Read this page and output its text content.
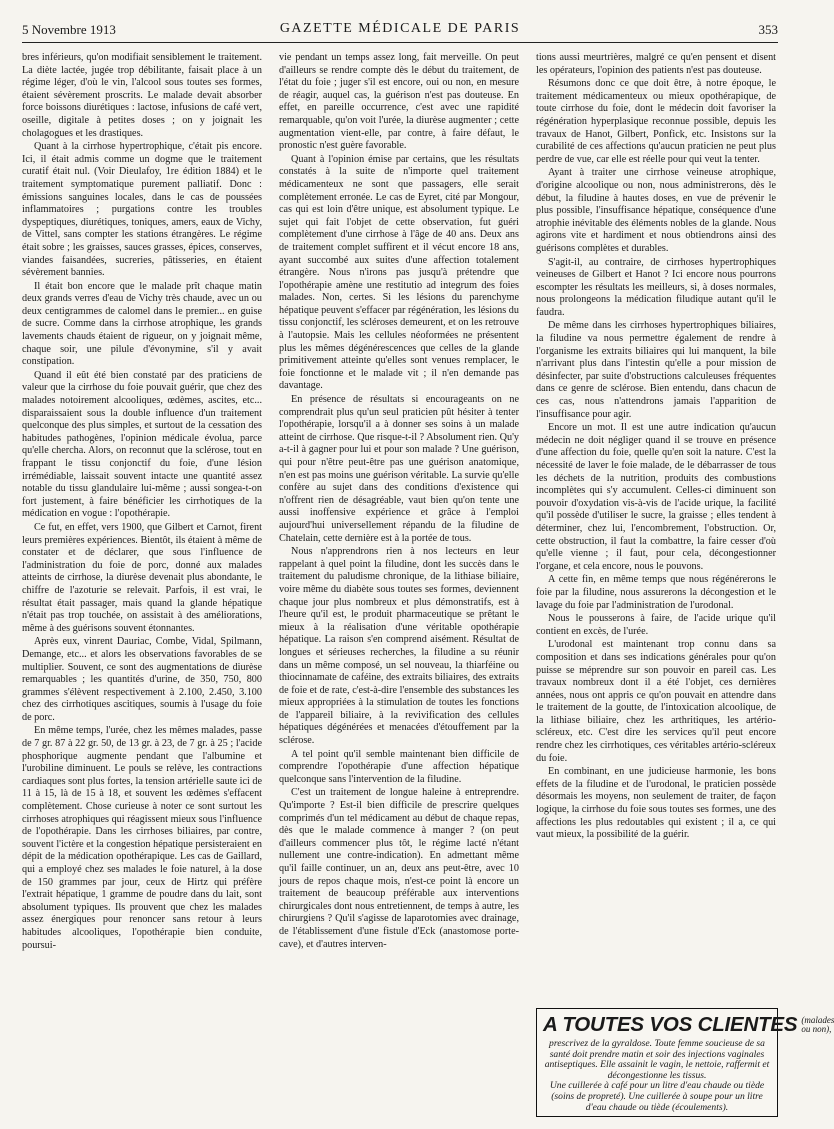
5 Novembre 1913	GAZETTE MÉDICALE DE PARIS	353

bres inférieurs, qu'on modifiait sensiblement le traitement. La diète lactée, jugée trop débilitante, faisait place à un régime léger, d'où le vin, l'alcool sous toutes ses formes, étaient sévèrement proscrits. Le malade devait absorber force boissons diurétiques : lactose, infusions de café vert, oseille, digitale à petites doses ; on y joignait les cholagogues et les drastiques.

Quant à la cirrhose hypertrophique, c'était pis encore. Ici, il était admis comme un dogme que le traitement curatif était nul. (Voir Dieulafoy, 1re édition 1884) et le traitement symptomatique purement palliatif. Donc : émissions sanguines locales, dans le cas de poussées inflammatoires ; purgations contre les troubles dyspeptiques, diurétiques, toniques, amers, eaux de Vichy, de Vittel, sans compter les stations étrangères. Le régime était sobre ; les graisses, sauces grasses, épices, conserves, viandes faisandées, sucreries, pâtisseries, en étaient sévèrement bannies.

Il était bon encore que le malade prît chaque matin deux grands verres d'eau de Vichy très chaude, avec un ou deux centigrammes de calomel dans le premier... en guise de sucre. Comme dans la cirrhose atrophique, les grands lavements chauds étaient de rigueur, on y joignait même, chaque soir, une pilule d'évonymine, s'il y avait constipation.

Quand il eût été bien constaté par des praticiens de valeur que la cirrhose du foie pouvait guérir, que chez des malades notoirement alcooliques, œdèmes, ascites, etc... disparaissaient sous la double influence d'un traitement quelconque des plus simples, et surtout de la cessation des habitudes pathogènes, l'opinion médicale évolua, parce qu'elle chercha. Alors, on reconnut que la sclérose, tout en frappant le tissu conjonctif du foie, d'une lésion irrémédiable, laissait souvent intacte une quantité assez notable du tissu glandulaire lui-même ; aussi songea-t-on fort justement, à faire bénéficier les cirrhotiques de la médication en vogue : l'opothérapie.

Ce fut, en effet, vers 1900, que Gilbert et Carnot, firent leurs premières expériences. Bientôt, ils étaient à même de constater et de déclarer, que sous l'influence de l'administration du foie de porc, donné aux malades atteints de cirrhose, la diurèse devenait plus abondante, le chiffre de l'azoturie se relevait. Parfois, il est vrai, le résultat était passager, mais quand la glande hépatique n'était pas trop touchée, on assistait à des améliorations, même à des guérisons souvent étonnantes.

Après eux, vinrent Dauriac, Combe, Vidal, Spilmann, Demange, etc... et alors les observations favorables de se multiplier. Souvent, ce sont des augmentations de diurèse remarquables ; les quantités d'urine, de 350, 750, 800 grammes s'élèvent respectivement à 2.100, 2.450, 3.100 chez des cirrhotiques ascitiques, soumis à l'usage du foie de porc.

En même temps, l'urée, chez les mêmes malades, passe de 7 gr. 87 à 22 gr. 50, de 13 gr. à 23, de 7 gr. à 25 ; l'acide phosphorique augmente pendant que l'albumine et l'urobiline diminuent. Le pouls se relève, les contractions cardiaques sont plus fortes, la tension artérielle saute ici de 11 à 15, là de 15 à 18, et souvent les œdèmes s'effacent complètement. Chose curieuse à noter ce sont surtout les cirrhoses atrophiques qui réagissent mieux sous l'influence de l'opothérapie. Dans les cirrhoses biliaires, par contre, souvent l'ictère et la congestion hépatique persisteraient en dépit de la médication opothérapique. Les cas de Gaillard, qui a employé chez ses malades le foie naturel, à la dose de 150 grammes par jour, ceux de Hirtz qui préfère l'extrait hépatique, 1 gramme de poudre dans du lait, sont absolument typiques. Ils prouvent que chez les malades assez énergiques pour renoncer sans retour à leurs habitudes alcooliques, l'opothérapie bien conduite, poursui-

vie pendant un temps assez long, fait merveille. On peut d'ailleurs se rendre compte dès le début du traitement, de l'état du foie ; juger s'il est encore, oui ou non, en mesure de réagir, auquel cas, la guérison n'est pas douteuse. En effet, en pareille occurrence, c'est avec une rapidité remarquable, qu'on voit l'urée, la diurèse augmenter ; cette augmentation vient-elle, par contre, à faire défaut, le pronostic n'est guère favorable.

Quant à l'opinion émise par certains, que les résultats constatés à la suite de n'importe quel traitement médicamenteux ne sont que passagers, elle serait complètement erronée. Le cas de Eyret, cité par Mongour, cas qui est loin d'être unique, est absolument typique. Le sujet qui fait l'objet de cette observation, fut guéri complètement d'une cirrhose à l'âge de 40 ans. Deux ans de traitement complet suffirent et il vécut encore 18 ans, ayant succombé aux suites d'une affection totalement étrangère. Nous n'irons pas jusqu'à prétendre que l'opothérapie amène une restitutio ad integrum des foies malades. Non, certes. Si les lésions du parenchyme hépatique peuvent s'effacer par régénération, les lésions du tissu conjonctif, les scléroses demeurent, et on les retrouve à l'autopsie. Mais les cellules néoformées ne présentent plus les mêmes dégénérescences que celles de la glande primitivement atteinte qu'elles sont venues remplacer, le foie fonctionne et le malade vit ; il n'en demande pas davantage.

En présence de résultats si encourageants on ne comprendrait plus qu'un seul praticien pût hésiter à tenter l'opothérapie, lorsqu'il a à donner ses soins à un malade atteint de cirrhose. Que risque-t-il ? Absolument rien. Qu'y a-t-il à gagner pour lui et pour son malade ? Une guérison, qui pour n'être peut-être pas une guérison anatomique, n'en est pas moins une guérison véritable. La survie qu'elle confère au sujet dans des conditions d'existence qui n'offrent rien de désagréable, vaut bien qu'on tente une aussi inoffensive expérience et grâce à l'emploi aujourd'hui universellement répandu de la filudine de Chatelain, cette dernière est à la portée de tous.

Nous n'apprendrons rien à nos lecteurs en leur rappelant à quel point la filudine, dont les succès dans le traitement du paludisme chronique, de la lithiase biliaire, voire même du diabète sous toutes ses formes, deviennent chaque jour plus nombreux et plus démonstratifs, est à l'heure qu'il est, le produit pharmaceutique se prêtant le mieux à la réalisation d'une véritable opothérapie hépatique. La raison s'en comprend aisément. Résultat de longues et sérieuses recherches, la filudine a su réunir dans un même composé, un sel nouveau, la thiarféine ou thiocinnamate de caféine, des extraits biliaires, des extraits de foie et de rate, c'est-à-dire l'ensemble des substances les mieux appropriées à la stimulation de toutes les fonctions de l'appareil biliaire, à la revivification des cellules hépatiques dégénérées et menacées d'étouffement par la sclérose.

A tel point qu'il semble maintenant bien difficile de comprendre l'opothérapie d'une affection hépatique quelconque sans l'intervention de la filudine.

C'est un traitement de longue haleine à entreprendre. Qu'importe ? Est-il bien difficile de prescrire quelques comprimés d'un tel médicament au début de chaque repas, dès que le malade commence à manger ? (on peut d'ailleurs commencer plus tôt, le régime lacté n'étant nullement une contre-indication). En admettant même qu'il faille continuer, un an, deux ans peut-être, avec 10 jours de repos chaque mois, n'est-ce point là encore un traitement de beaucoup préférable aux interventions chirurgicales dont nous entretiennent, de temps à autre, les chirurgiens ? Qu'il s'agisse de laparotomies avec drainage, de l'établissement d'une fistule d'Eck (anastomose porte-cave), et d'autres interven-

tions aussi meurtrières, malgré ce qu'en pensent et disent les opérateurs, l'opinion des patients n'est pas douteuse.

Résumons donc ce que doit être, à notre époque, le traitement médicamenteux ou mieux opothérapique, de toute cirrhose du foie, dont le médecin doit favoriser la régénération hyperplasique reconnue possible, depuis les travaux de Hanot, Gilbert, Ponfick, etc. Insistons sur la curabilité de ces affections qu'aucun praticien ne peut plus perdre de vue, car elle est réelle pour qui veut la tenter.

Ayant à traiter une cirrhose veineuse atrophique, d'origine alcoolique ou non, nous administrerons, dès le début, la filudine à hautes doses, en vue de prévenir le plus possible, l'insuffisance hépatique, conséquence d'une atrophie inévitable des éléments nobles de la glande. Nous agirons vite et hardiment et nous obtiendrons ainsi des guérisons complètes et durables.

S'agit-il, au contraire, de cirrhoses hypertrophiques veineuses de Gilbert et Hanot ? Ici encore nous pourrons escompter les résultats les meilleurs, si, à doses normales, nous prolongeons la médication filudique autant qu'il le faudra.

De même dans les cirrhoses hypertrophiques biliaires, la filudine va nous permettre également de rendre à l'organisme les extraits biliaires qui lui manquent, la bile n'arrivant plus dans l'intestin qu'elle a pour mission de désinfecter, par suite d'obstructions calculeuses fréquentes dans ce genre de sclérose. Bien entendu, dans chacun de ces cas, nous n'attendrons jamais l'apparition de l'insuffisance pour agir.

Encore un mot. Il est une autre indication qu'aucun médecin ne doit négliger quand il se trouve en présence d'une affection du foie, quelle qu'en soit la nature. C'est la nécessité de laver le foie malade, de le débarrasser de tous les déchets de la nutrition, produits des combustions incomplètes qui s'y accumulent. Celles-ci diminuent son pouvoir d'oxydation vis-à-vis de l'acide urique, la facilité qu'il possède d'utiliser le sucre, la graisse ; elles tendent à déterminer, chez lui, l'encombrement, l'obstruction. Or, cette obstruction, il faut la combattre, la faire cesser d'où qu'elle vienne ; il faut, pour cela, décongestionner l'organe, et cela encore, nous le pouvons.

A cette fin, en même temps que nous régénérerons le foie par la filudine, nous assurerons la décongestion et le lavage du foie par l'administration de l'urodonal.

Nous le pousserons à faire, de l'acide urique qu'il contient en excès, de l'urée.

L'urodonal est maintenant trop connu dans sa composition et dans ses indications générales pour qu'on puisse se méprendre sur son pouvoir en pareil cas. Les travaux nombreux dont il a été l'objet, ces dernières années, nous ont appris ce qu'on pouvait en attendre dans le traitement de la goutte, de l'intoxication alcoolique, de la lithiase biliaire, chez les arthritiques, les artério-scléreux, etc. C'est dire les services qu'il peut encore rendre chez les cirrhotiques, ces véritables artério-scléreux du foie.

En combinant, en une judicieuse harmonie, les bons effets de la filudine et de l'urodonal, le praticien possède désormais les moyens, non seulement de traiter, de façon logique, la cirrhose du foie sous toutes ses formes, une des affections les plus redoutables qui existent ; il a, ce qui vaut mieux, la possibilité de la guérir.

A TOUTES VOS CLIENTES (malades ou non),
prescrivez de la gyraldose. Toute femme soucieuse de sa santé doit prendre matin et soir des injections vaginales antiseptiques. Elle assainit le vagin, le nettoie, raffermit et décongestionne les tissus.
Une cuillerée à café pour un litre d'eau chaude ou tiède (soins de propreté). Une cuillerée à soupe pour un litre d'eau chaude ou tiède (écoulements).
